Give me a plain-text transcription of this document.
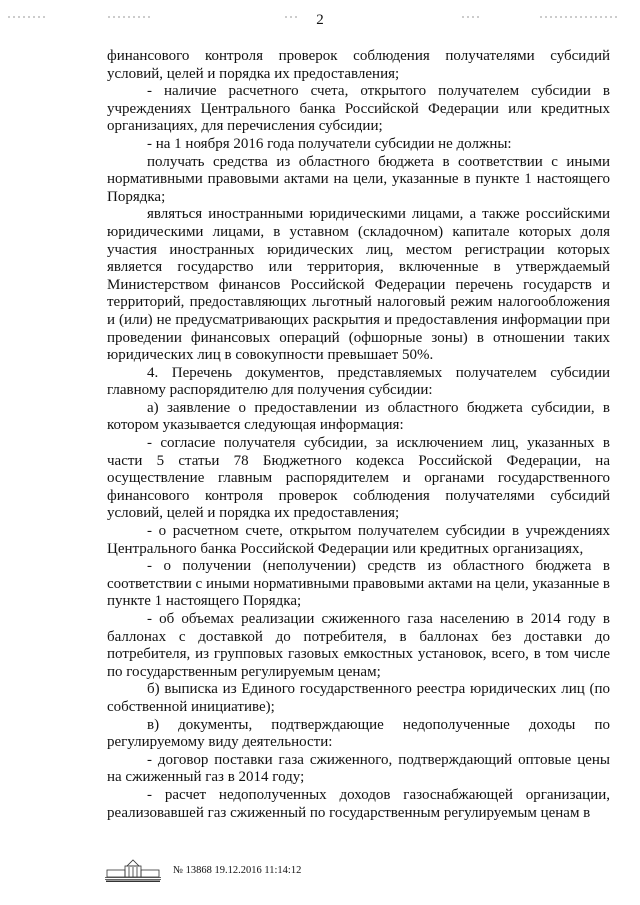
2

финансового контроля проверок соблюдения получателями субсидий условий, целей и порядка их предоставления;

- наличие расчетного счета, открытого получателем субсидии в учреждениях Центрального банка Российской Федерации или кредитных организациях, для перечисления субсидии;

- на 1 ноября 2016 года получатели субсидии не должны:

получать средства из областного бюджета в соответствии с иными нормативными правовыми актами на цели, указанные в пункте 1 настоящего Порядка;

являться иностранными юридическими лицами, а также российскими юридическими лицами, в уставном (складочном) капитале которых доля участия иностранных юридических лиц, местом регистрации которых является государство или территория, включенные в утверждаемый Министерством финансов Российской Федерации перечень государств и территорий, предоставляющих льготный налоговый режим налогообложения и (или) не предусматривающих раскрытия и предоставления информации при проведении финансовых операций (офшорные зоны) в отношении таких юридических лиц в совокупности превышает 50%.

4. Перечень документов, представляемых получателем субсидии главному распорядителю для получения субсидии:

а) заявление о предоставлении из областного бюджета субсидии, в котором указывается следующая информация:

- согласие получателя субсидии, за исключением лиц, указанных в части 5 статьи 78 Бюджетного кодекса Российской Федерации, на осуществление главным распорядителем и органами государственного финансового контроля проверок соблюдения получателями субсидий условий, целей и порядка их предоставления;

- о расчетном счете, открытом получателем субсидии в учреждениях Центрального банка Российской Федерации или кредитных организациях,

- о получении (неполучении) средств из областного бюджета в соответствии с иными нормативными правовыми актами на цели, указанные в пункте 1 настоящего Порядка;

- об объемах реализации сжиженного газа населению в 2014 году в баллонах с доставкой до потребителя, в баллонах без доставки до потребителя, из групповых газовых емкостных установок, всего, в том числе по государственным регулируемым ценам;

б) выписка из Единого государственного реестра юридических лиц (по собственной инициативе);

в) документы, подтверждающие недополученные доходы по регулируемому виду деятельности:

- договор поставки газа сжиженного, подтверждающий оптовые цены на сжиженный газ в 2014 году;

- расчет недополученных доходов газоснабжающей организации, реализовавшей газ сжиженный по государственным регулируемым ценам в

№ 13868 19.12.2016 11:14:12
